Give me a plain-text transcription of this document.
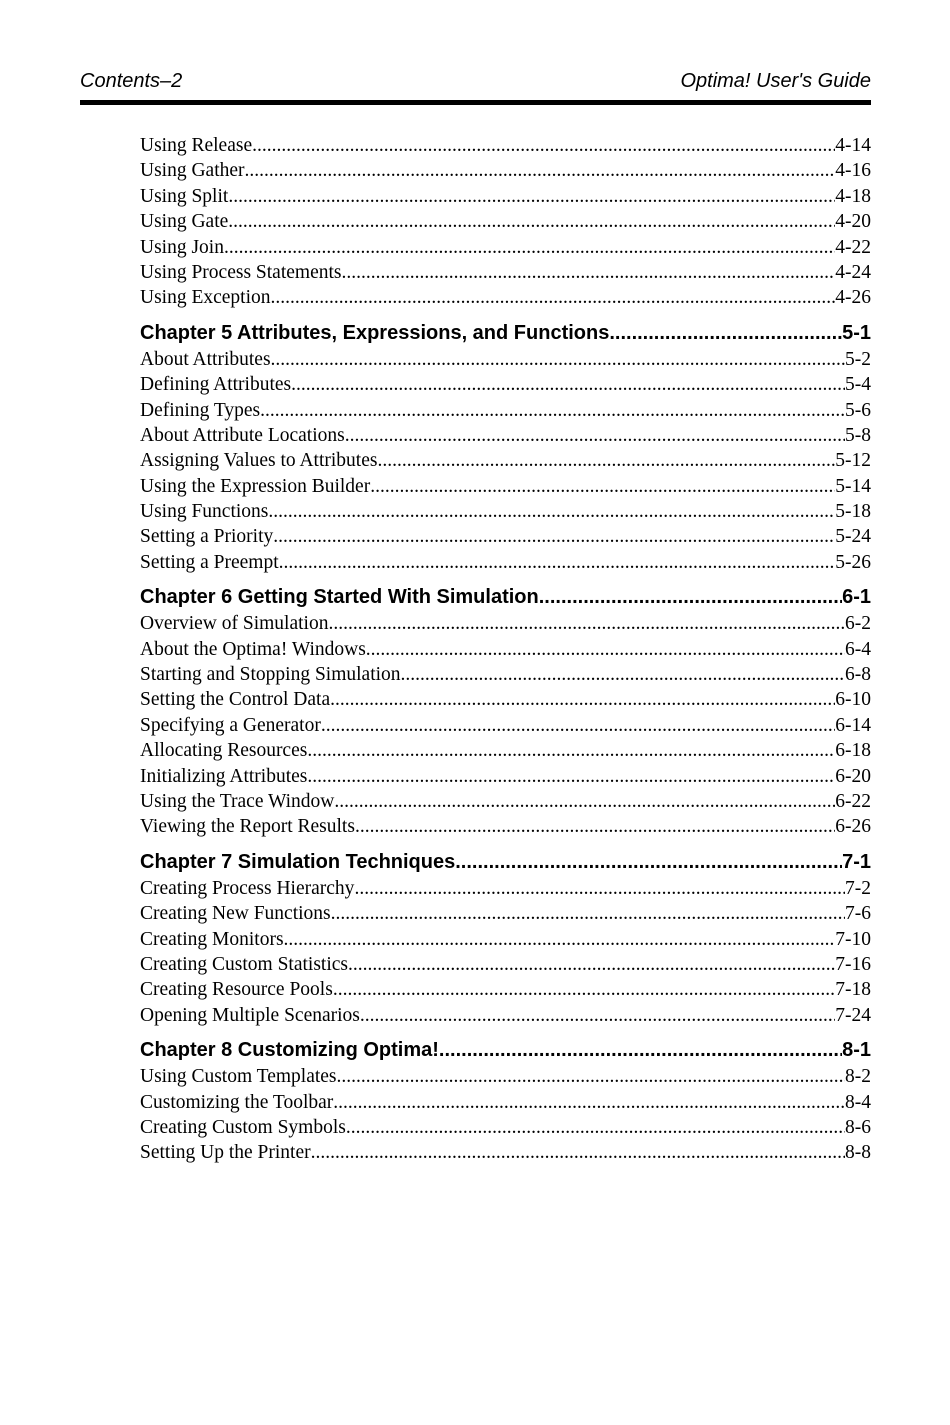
Contents–2	Optima! User's Guide
Using Release .....	4-14
Using Gather .....	4-16
Using Split .....	4-18
Using Gate .....	4-20
Using Join .....	4-22
Using Process Statements .....	4-24
Using Exception .....	4-26
Chapter 5 Attributes, Expressions, and Functions .....	5-1
About Attributes .....	5-2
Defining Attributes .....	5-4
Defining Types .....	5-6
About Attribute Locations .....	5-8
Assigning Values to Attributes .....	5-12
Using the Expression Builder .....	5-14
Using Functions .....	5-18
Setting a Priority .....	5-24
Setting a Preempt .....	5-26
Chapter 6 Getting Started With Simulation .....	6-1
Overview of Simulation .....	6-2
About the Optima! Windows .....	6-4
Starting and Stopping Simulation .....	6-8
Setting the Control Data .....	6-10
Specifying a Generator .....	6-14
Allocating Resources .....	6-18
Initializing Attributes .....	6-20
Using the Trace Window .....	6-22
Viewing the Report Results .....	6-26
Chapter 7 Simulation Techniques .....	7-1
Creating Process Hierarchy .....	7-2
Creating New Functions .....	7-6
Creating Monitors .....	7-10
Creating Custom Statistics .....	7-16
Creating Resource Pools .....	7-18
Opening Multiple Scenarios .....	7-24
Chapter 8 Customizing Optima! .....	8-1
Using Custom Templates .....	8-2
Customizing the Toolbar .....	8-4
Creating Custom Symbols .....	8-6
Setting Up the Printer .....	8-8
